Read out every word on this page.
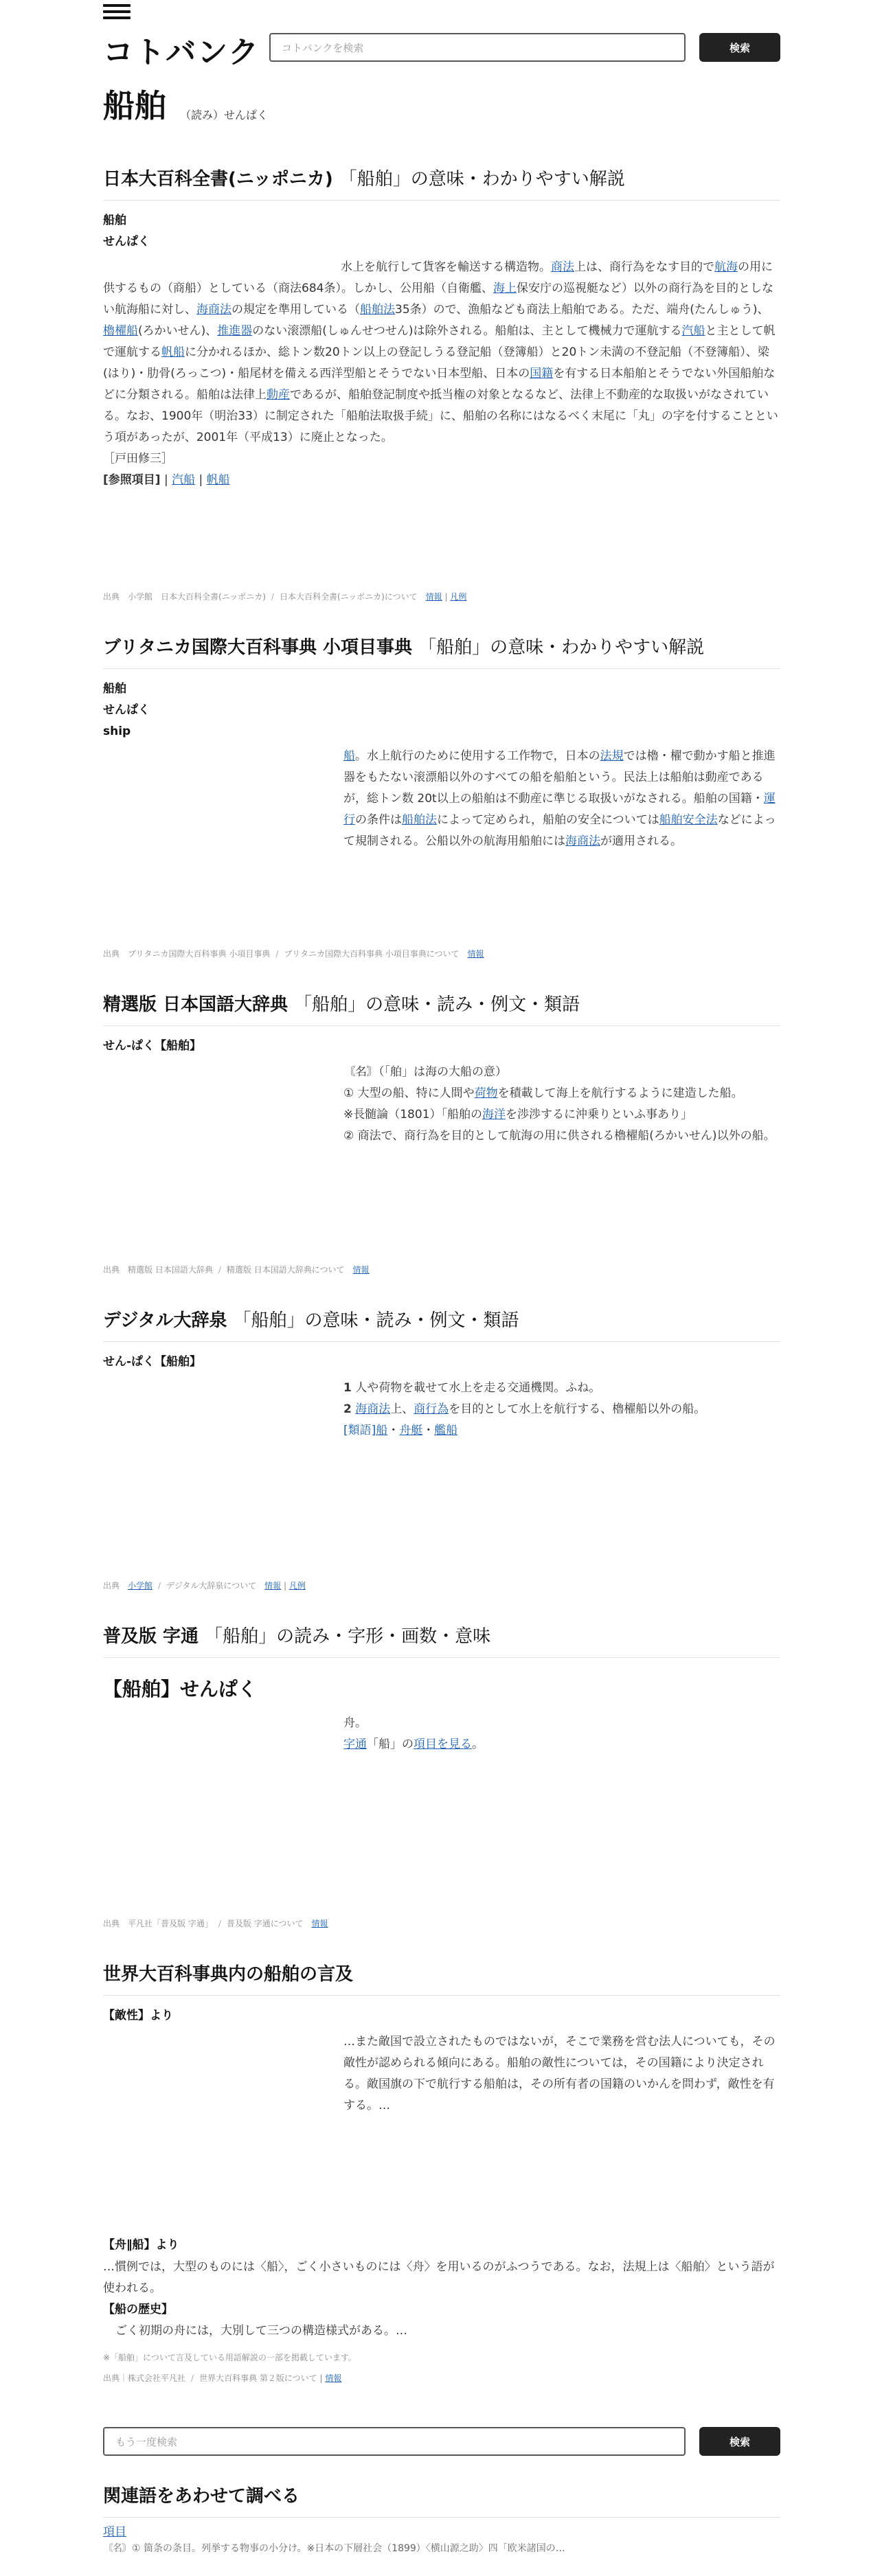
コトバンク	コトバンクを検索	検索
船舶 （読み）せんぱく
日本大百科全書(ニッポニカ) 「船舶」の意味・わかりやすい解説
船舶
せんぱく
水上を航行して貨客を輸送する構造物。商法上は、商行為をなす目的で航海の用に供するもの（商船）としている（商法684条）。しかし、公用船（自衛艦、海上保安庁の巡視艇など）以外の商行為を目的としない航海船に対し、海商法の規定を準用している（船舶法35条）ので、漁船なども商法上船舶である。ただ、端舟(たんしゅう)、櫓櫂船(ろかいせん)、推進器のない滚漂船(しゅんせつせん)は除外される。船舶は、主として機械力で運航する汽船と主として帆で運航する帆船に分かれるほか、総トン数20トン以上の登記しうる登記船（登簿船）と20トン未満の不登記船（不登簿船）、梁(はり)・肋骨(ろっこつ)・船尾材を備える西洋型船とそうでない日本型船、日本の国籍を有する日本船舶とそうでない外国船舶などに分類される。船舶は法律上動産であるが、船舶登記制度や抵当権の対象となるなど、法律上不動産的な取扱いがなされている。なお、1900年（明治33）に制定された「船舶法取扱手続」に、船舶の名称にはなるべく末尾に「丸」の字を付することという項があったが、2001年（平成13）に廃止となった。
［戸田修三］
[参照項目] | 汽船 | 帆船
出典　 小学館　日本大百科全書(ニッポニカ) / 日本大百科全書(ニッポニカ)について　 情報 | 凡例
ブリタニカ国際大百科事典 小項目事典 「船舶」の意味・わかりやすい解説
船舶
せんぱく
ship
船。水上航行のために使用する工作物で，日本の法規では櫓・櫂で動かす船と推進器をもたない滚漂船以外のすべての船を船舶という。民法上は船舶は動産であるが，総トン数 20t以上の船舶は不動産に準じる取扱いがなされる。船舶の国籍・運行の条件は船舶法によって定められ，船舶の安全については船舶安全法などによって規制される。公船以外の航海用船舶には海商法が適用される。
出典　 ブリタニカ国際大百科事典 小項目事典 / ブリタニカ国際大百科事典 小項目事典について　 情報
精選版 日本国語大辞典 「船舶」の意味・読み・例文・類語
せん‐ぱく【船舶】
〘名〙（「舶」は海の大船の意）
① 大型の船、特に人間や荷物を積載して海上を航行するように建造した船。
※長髄論（1801）「船舶の海洋を渉渉するに沖乗りといふ事あり」
② 商法で、商行為を目的として航海の用に供される櫓櫂船(ろかいせん)以外の船。
出典　 精選版 日本国語大辞典 / 精選版 日本国語大辞典について　 情報
デジタル大辞泉 「船舶」の意味・読み・例文・類語
せん‐ぱく【船舶】
1 人や荷物を載せて水上を走る交通機関。ふね。
2 海商法上、商行為を目的として水上を航行する、櫓櫂船以外の船。
[類語]船・舟艇・艦船
出典　 小学館 / デジタル大辞泉について　 情報 | 凡例
普及版 字通 「船舶」の読み・字形・画数・意味
【船舶】せんぱく
舟。
字通「船」の項目を見る。
出典　 平凡社「普及版 字通」 / 普及版 字通について　 情報
世界大百科事典内の船舶の言及
【敵性】より
…また敵国で設立されたものではないが，そこで業務を営む法人についても，その敵性が認められる傾向にある。船舶の敵性については，その国籍により決定される。敵国旗の下で航行する船舶は，その所有者の国籍のいかんを問わず，敵性を有する。…
【舟∥船】より
…慣例では，大型のものには〈船〉，ごく小さいものには〈舟〉を用いるのがふつうである。なお，法規上は〈船舶〉という語が使われる。
【船の歴史】
ごく初期の舟には，大別して三つの構造様式がある。…
※「船舶」について言及している用語解説の一部を掲載しています。
出典｜株式会社平凡社 / 世界大百科事典 第２版について | 情報
もう一度検索	検索
関連語をあわせて調べる
項目
〘名〙① 箇条の条目。列挙する物事の小分け。※日本の下層社会（1899）〈横山源之助〉四「欧米諸国の…
